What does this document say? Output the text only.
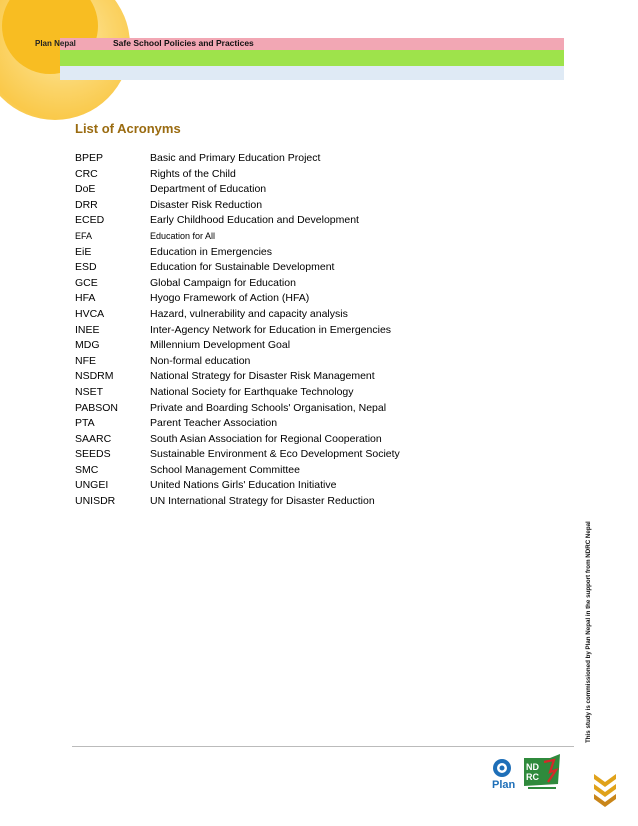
Plan Nepal	Safe School Policies and Practices
List of Acronyms
BPEP	Basic and Primary Education Project
CRC	Rights of the Child
DoE	Department of Education
DRR	Disaster Risk Reduction
ECED	Early Childhood Education and Development
EFA	Education for All
EiE	Education in Emergencies
ESD	Education for Sustainable Development
GCE	Global Campaign for Education
HFA	Hyogo Framework of Action (HFA)
HVCA	Hazard, vulnerability and capacity analysis
INEE	Inter-Agency Network for Education in Emergencies
MDG	Millennium Development Goal
NFE	Non-formal education
NSDRM	National Strategy for Disaster Risk Management
NSET	National Society for Earthquake Technology
PABSON	Private and Boarding Schools' Organisation, Nepal
PTA	Parent Teacher Association
SAARC	South Asian Association for Regional Cooperation
SEEDS	Sustainable Environment & Eco Development Society
SMC	School Management Committee
UNGEI	United Nations Girls' Education Initiative
UNISDR	UN International Strategy for Disaster Reduction
This study is commissioned by Plan Nepal in the support from NDRC Nepal
Plan
ND
RC
